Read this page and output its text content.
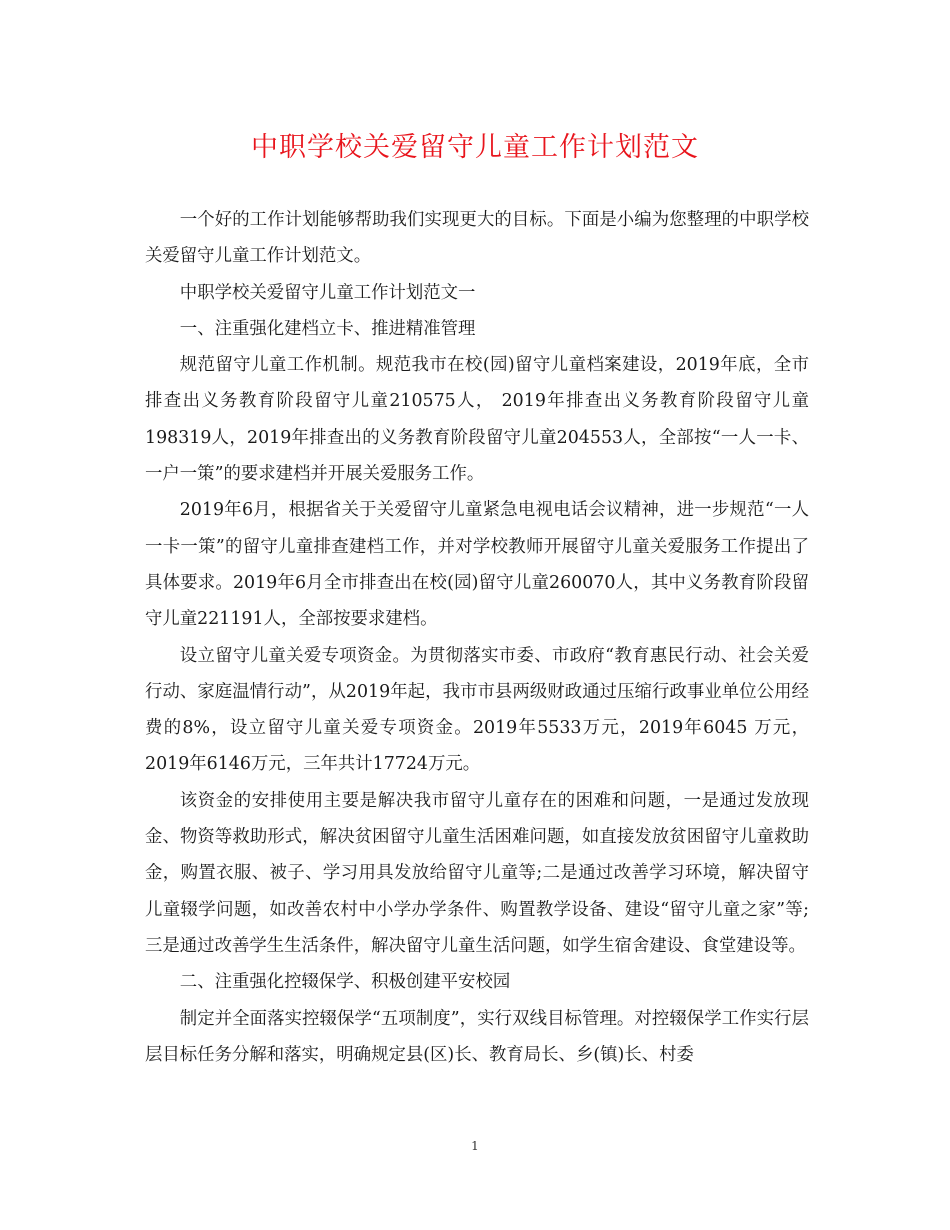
中职学校关爱留守儿童工作计划范文

一个好的工作计划能够帮助我们实现更大的目标。下面是小编为您整理的中职学校关爱留守儿童工作计划范文。

中职学校关爱留守儿童工作计划范文一

一、注重强化建档立卡、推进精准管理

规范留守儿童工作机制。规范我市在校(园)留守儿童档案建设，2019年底，全市排查出义务教育阶段留守儿童210575人， 2019年排查出义务教育阶段留守儿童198319人，2019年排查出的义务教育阶段留守儿童204553人，全部按“一人一卡、一户一策”的要求建档并开展关爱服务工作。

2019年6月，根据省关于关爱留守儿童紧急电视电话会议精神，进一步规范“一人一卡一策”的留守儿童排查建档工作，并对学校教师开展留守儿童关爱服务工作提出了具体要求。2019年6月全市排查出在校(园)留守儿童260070人，其中义务教育阶段留守儿童221191人，全部按要求建档。

设立留守儿童关爱专项资金。为贯彻落实市委、市政府“教育惠民行动、社会关爱行动、家庭温情行动”，从2019年起，我市市县两级财政通过压缩行政事业单位公用经费的8%，设立留守儿童关爱专项资金。2019年5533万元，2019年6045 万元，2019年6146万元，三年共计17724万元。

该资金的安排使用主要是解决我市留守儿童存在的困难和问题，一是通过发放现金、物资等救助形式，解决贫困留守儿童生活困难问题，如直接发放贫困留守儿童救助金，购置衣服、被子、学习用具发放给留守儿童等;二是通过改善学习环境，解决留守儿童辍学问题，如改善农村中小学办学条件、购置教学设备、建设“留守儿童之家”等;三是通过改善学生生活条件，解决留守儿童生活问题，如学生宿舍建设、食堂建设等。

二、注重强化控辍保学、积极创建平安校园

制定并全面落实控辍保学“五项制度”，实行双线目标管理。对控辍保学工作实行层层目标任务分解和落实，明确规定县(区)长、教育局长、乡(镇)长、村委

1
